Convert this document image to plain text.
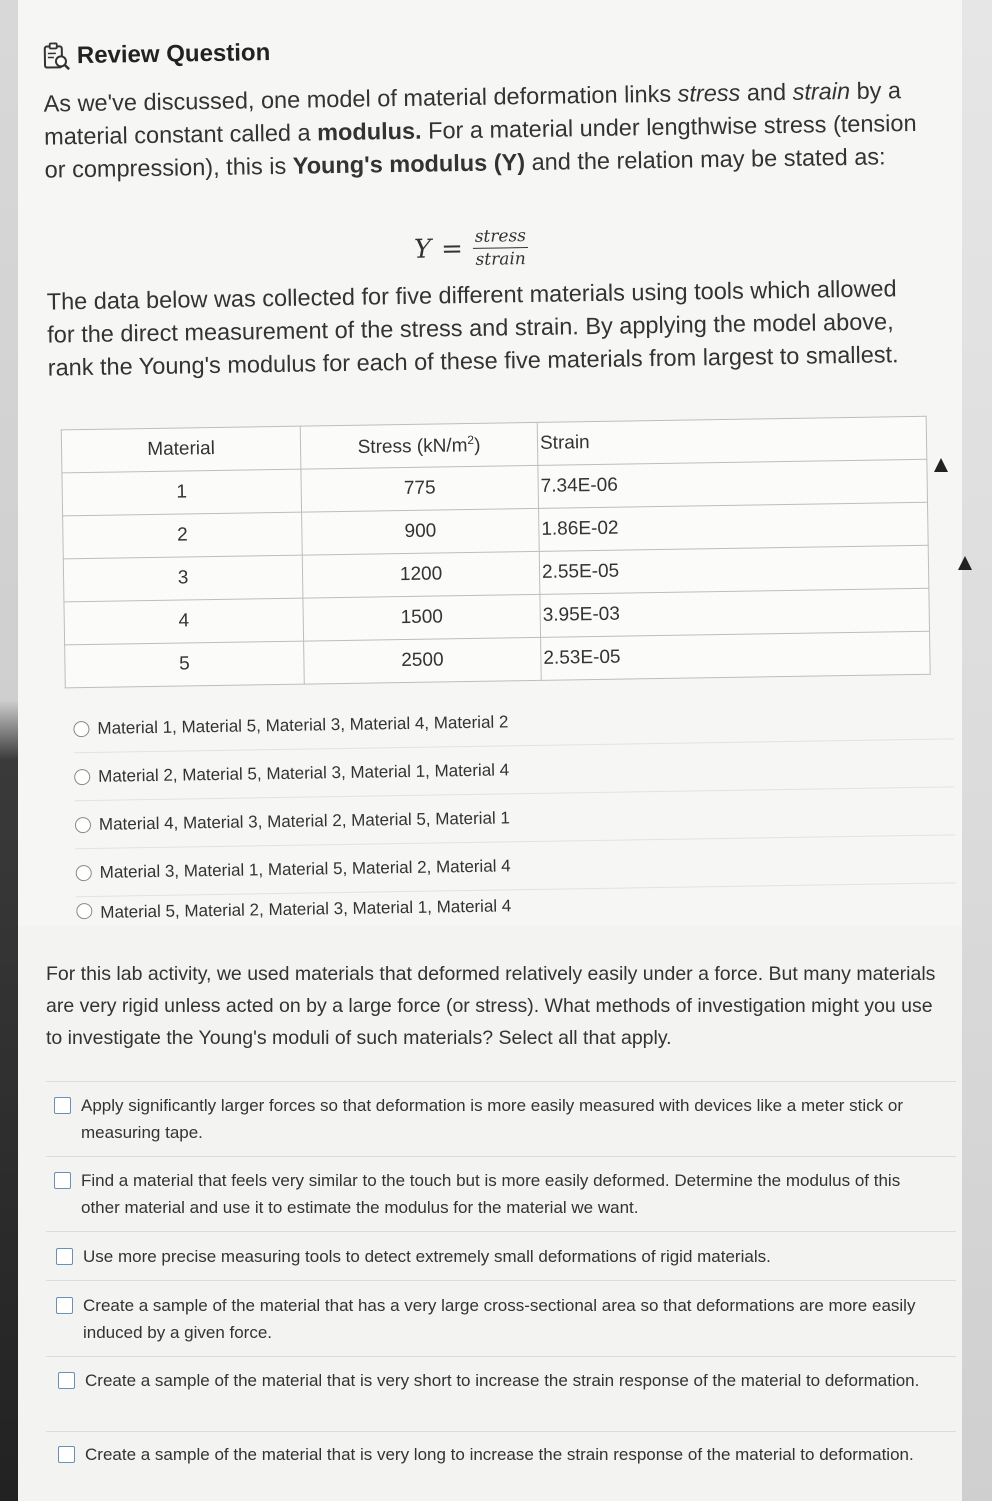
Review Question
As we've discussed, one model of material deformation links stress and strain by a material constant called a modulus. For a material under lengthwise stress (tension or compression), this is Young's modulus (Y) and the relation may be stated as:
$Y = \frac{\text{stress}}{\text{strain}}$
The data below was collected for five different materials using tools which allowed for the direct measurement of the stress and strain. By applying the model above, rank the Young's modulus for each of these five materials from largest to smallest.
Material	Stress $(kN/m^2)$	Strain
1	775	7.34E-06
2	900	1.86E-02
3	1200	2.55E-05
4	1500	3.95E-03
5	2500	2.53E-05
Material 1, Material 5, Material 3, Material 4, Material 2
Material 2, Material 5, Material 3, Material 1, Material 4
Material 4, Material 3, Material 2, Material 5, Material 1
Material 3, Material 1, Material 5, Material 2, Material 4
Material 5, Material 2, Material 3, Material 1, Material 4
For this lab activity, we used materials that deformed relatively easily under a force. But many materials are very rigid unless acted on by a large force (or stress). What methods of investigation might you use to investigate the Young's moduli of such materials? Select all that apply.
Apply significantly larger forces so that deformation is more easily measured with devices like a meter stick or measuring tape.
Find a material that feels very similar to the touch but is more easily deformed. Determine the modulus of this other material and use it to estimate the modulus for the material we want.
Use more precise measuring tools to detect extremely small deformations of rigid materials.
Create a sample of the material that has a very large cross-sectional area so that deformations are more easily induced by a given force.
Create a sample of the material that is very short to increase the strain response of the material to deformation.
Create a sample of the material that is very long to increase the strain response of the material to deformation.
